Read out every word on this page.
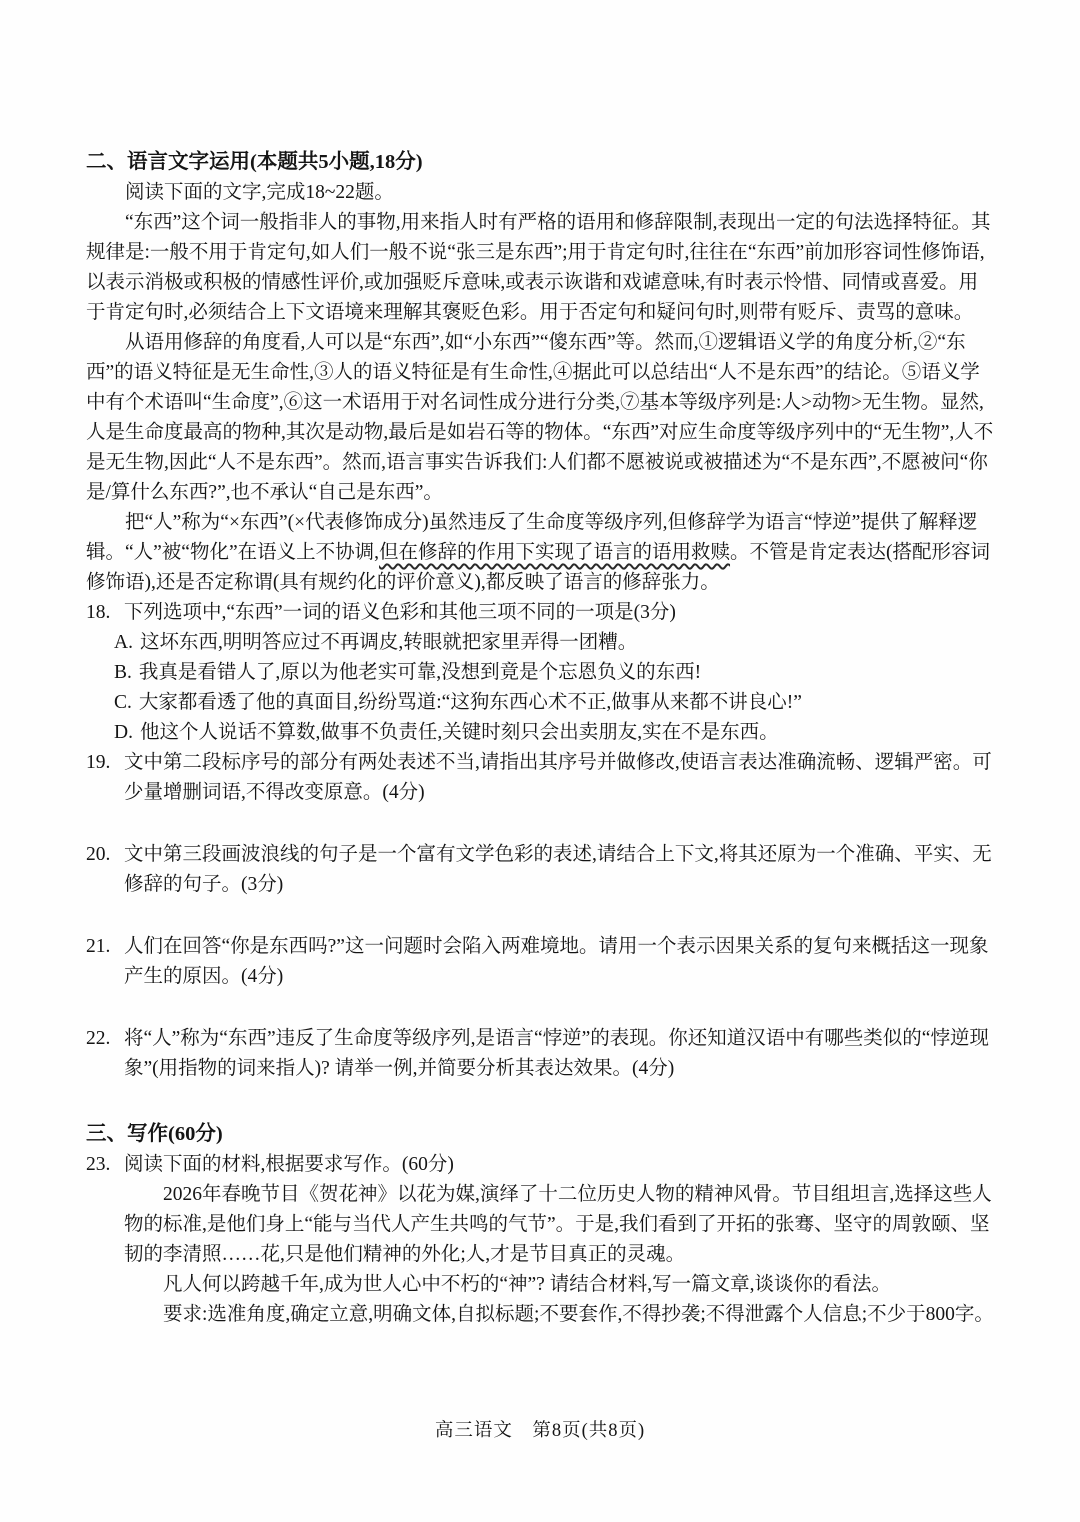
二、语言文字运用(本题共5小题,18分)

阅读下面的文字,完成18~22题。

“东西”这个词一般指非人的事物,用来指人时有严格的语用和修辞限制,表现出一定的句法选择特征。其规律是:一般不用于肯定句,如人们一般不说“张三是东西”;用于肯定句时,往往在“东西”前加形容词性修饰语,以表示消极或积极的情感性评价,或加强贬斥意味,或表示诙谐和戏谑意味,有时表示怜惜、同情或喜爱。用于肯定句时,必须结合上下文语境来理解其褒贬色彩。用于否定句和疑问句时,则带有贬斥、责骂的意味。

从语用修辞的角度看,人可以是“东西”,如“小东西”“傻东西”等。然而,①逻辑语义学的角度分析,②“东西”的语义特征是无生命性,③人的语义特征是有生命性,④据此可以总结出“人不是东西”的结论。⑤语义学中有个术语叫“生命度”,⑥这一术语用于对名词性成分进行分类,⑦基本等级序列是:人>动物>无生物。显然,人是生命度最高的物种,其次是动物,最后是如岩石等的物体。“东西”对应生命度等级序列中的“无生物”,人不是无生物,因此“人不是东西”。然而,语言事实告诉我们:人们都不愿被说或被描述为“不是东西”,不愿被问“你是/算什么东西?”,也不承认“自己是东西”。

把“人”称为“×东西”(×代表修饰成分)虽然违反了生命度等级序列,但修辞学为语言“悖逆”提供了解释逻辑。“人”被“物化”在语义上不协调,但在修辞的作用下实现了语言的语用救赎。不管是肯定表达(搭配形容词修饰语),还是否定称谓(具有规约化的评价意义),都反映了语言的修辞张力。

18. 下列选项中,“东西”一词的语义色彩和其他三项不同的一项是(3分)

A. 这坏东西,明明答应过不再调皮,转眼就把家里弄得一团糟。

B. 我真是看错人了,原以为他老实可靠,没想到竟是个忘恩负义的东西!

C. 大家都看透了他的真面目,纷纷骂道:“这狗东西心术不正,做事从来都不讲良心!”

D. 他这个人说话不算数,做事不负责任,关键时刻只会出卖朋友,实在不是东西。

19. 文中第二段标序号的部分有两处表述不当,请指出其序号并做修改,使语言表达准确流畅、逻辑严密。可少量增删词语,不得改变原意。(4分)

20. 文中第三段画波浪线的句子是一个富有文学色彩的表述,请结合上下文,将其还原为一个准确、平实、无修辞的句子。(3分)

21. 人们在回答“你是东西吗?”这一问题时会陷入两难境地。请用一个表示因果关系的复句来概括这一现象产生的原因。(4分)

22. 将“人”称为“东西”违反了生命度等级序列,是语言“悖逆”的表现。你还知道汉语中有哪些类似的“悖逆现象”(用指物的词来指人)? 请举一例,并简要分析其表达效果。(4分)

三、写作(60分)

23. 阅读下面的材料,根据要求写作。(60分)

2026年春晚节目《贺花神》以花为媒,演绎了十二位历史人物的精神风骨。节目组坦言,选择这些人物的标准,是他们身上“能与当代人产生共鸣的气节”。于是,我们看到了开拓的张骞、坚守的周敦颐、坚韧的李清照……花,只是他们精神的外化;人,才是节目真正的灵魂。

凡人何以跨越千年,成为世人心中不朽的“神”? 请结合材料,写一篇文章,谈谈你的看法。

要求:选准角度,确定立意,明确文体,自拟标题;不要套作,不得抄袭;不得泄露个人信息;不少于800字。

高三语文　第8页(共8页)
